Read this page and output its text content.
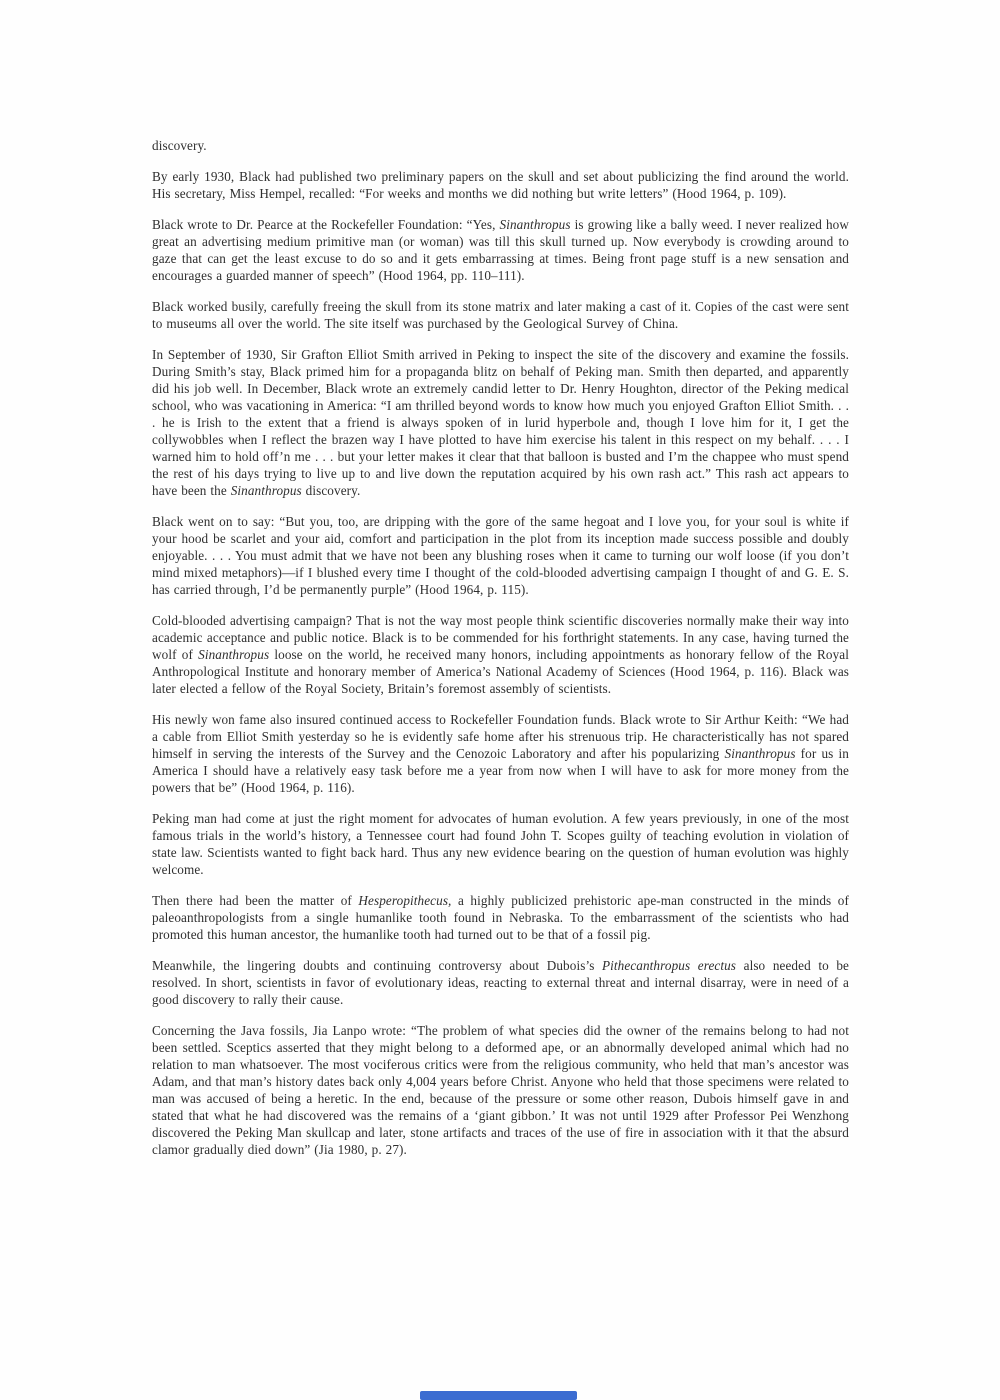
discovery.

By early 1930, Black had published two preliminary papers on the skull and set about publicizing the find around the world. His secretary, Miss Hempel, recalled: “For weeks and months we did nothing but write letters” (Hood 1964, p. 109).

Black wrote to Dr. Pearce at the Rockefeller Foundation: “Yes, Sinanthropus is growing like a bally weed. I never realized how great an advertising medium primitive man (or woman) was till this skull turned up. Now everybody is crowding around to gaze that can get the least excuse to do so and it gets embarrassing at times. Being front page stuff is a new sensation and encourages a guarded manner of speech” (Hood 1964, pp. 110–111).

Black worked busily, carefully freeing the skull from its stone matrix and later making a cast of it. Copies of the cast were sent to museums all over the world. The site itself was purchased by the Geological Survey of China.

In September of 1930, Sir Grafton Elliot Smith arrived in Peking to inspect the site of the discovery and examine the fossils. During Smith’s stay, Black primed him for a propaganda blitz on behalf of Peking man. Smith then departed, and apparently did his job well. In December, Black wrote an extremely candid letter to Dr. Henry Houghton, director of the Peking medical school, who was vacationing in America: “I am thrilled beyond words to know how much you enjoyed Grafton Elliot Smith. . . . he is Irish to the extent that a friend is always spoken of in lurid hyperbole and, though I love him for it, I get the collywobbles when I reflect the brazen way I have plotted to have him exercise his talent in this respect on my behalf. . . . I warned him to hold off’n me . . . but your letter makes it clear that that balloon is busted and I’m the chappee who must spend the rest of his days trying to live up to and live down the reputation acquired by his own rash act.” This rash act appears to have been the Sinanthropus discovery.

Black went on to say: “But you, too, are dripping with the gore of the same hegoat and I love you, for your soul is white if your hood be scarlet and your aid, comfort and participation in the plot from its inception made success possible and doubly enjoyable. . . . You must admit that we have not been any blushing roses when it came to turning our wolf loose (if you don’t mind mixed metaphors)—if I blushed every time I thought of the cold-blooded advertising campaign I thought of and G. E. S. has carried through, I’d be permanently purple” (Hood 1964, p. 115).

Cold-blooded advertising campaign? That is not the way most people think scientific discoveries normally make their way into academic acceptance and public notice. Black is to be commended for his forthright statements. In any case, having turned the wolf of Sinanthropus loose on the world, he received many honors, including appointments as honorary fellow of the Royal Anthropological Institute and honorary member of America’s National Academy of Sciences (Hood 1964, p. 116). Black was later elected a fellow of the Royal Society, Britain’s foremost assembly of scientists.

His newly won fame also insured continued access to Rockefeller Foundation funds. Black wrote to Sir Arthur Keith: “We had a cable from Elliot Smith yesterday so he is evidently safe home after his strenuous trip. He characteristically has not spared himself in serving the interests of the Survey and the Cenozoic Laboratory and after his popularizing Sinanthropus for us in America I should have a relatively easy task before me a year from now when I will have to ask for more money from the powers that be” (Hood 1964, p. 116).

Peking man had come at just the right moment for advocates of human evolution. A few years previously, in one of the most famous trials in the world’s history, a Tennessee court had found John T. Scopes guilty of teaching evolution in violation of state law. Scientists wanted to fight back hard. Thus any new evidence bearing on the question of human evolution was highly welcome.

Then there had been the matter of Hesperopithecus, a highly publicized prehistoric ape-man constructed in the minds of paleoanthropologists from a single humanlike tooth found in Nebraska. To the embarrassment of the scientists who had promoted this human ancestor, the humanlike tooth had turned out to be that of a fossil pig.

Meanwhile, the lingering doubts and continuing controversy about Dubois’s Pithecanthropus erectus also needed to be resolved. In short, scientists in favor of evolutionary ideas, reacting to external threat and internal disarray, were in need of a good discovery to rally their cause.

Concerning the Java fossils, Jia Lanpo wrote: “The problem of what species did the owner of the remains belong to had not been settled. Sceptics asserted that they might belong to a deformed ape, or an abnormally developed animal which had no relation to man whatsoever. The most vociferous critics were from the religious community, who held that man’s ancestor was Adam, and that man’s history dates back only 4,004 years before Christ. Anyone who held that those specimens were related to man was accused of being a heretic. In the end, because of the pressure or some other reason, Dubois himself gave in and stated that what he had discovered was the remains of a ‘giant gibbon.’ It was not until 1929 after Professor Pei Wenzhong discovered the Peking Man skullcap and later, stone artifacts and traces of the use of fire in association with it that the absurd clamor gradually died down” (Jia 1980, p. 27).
